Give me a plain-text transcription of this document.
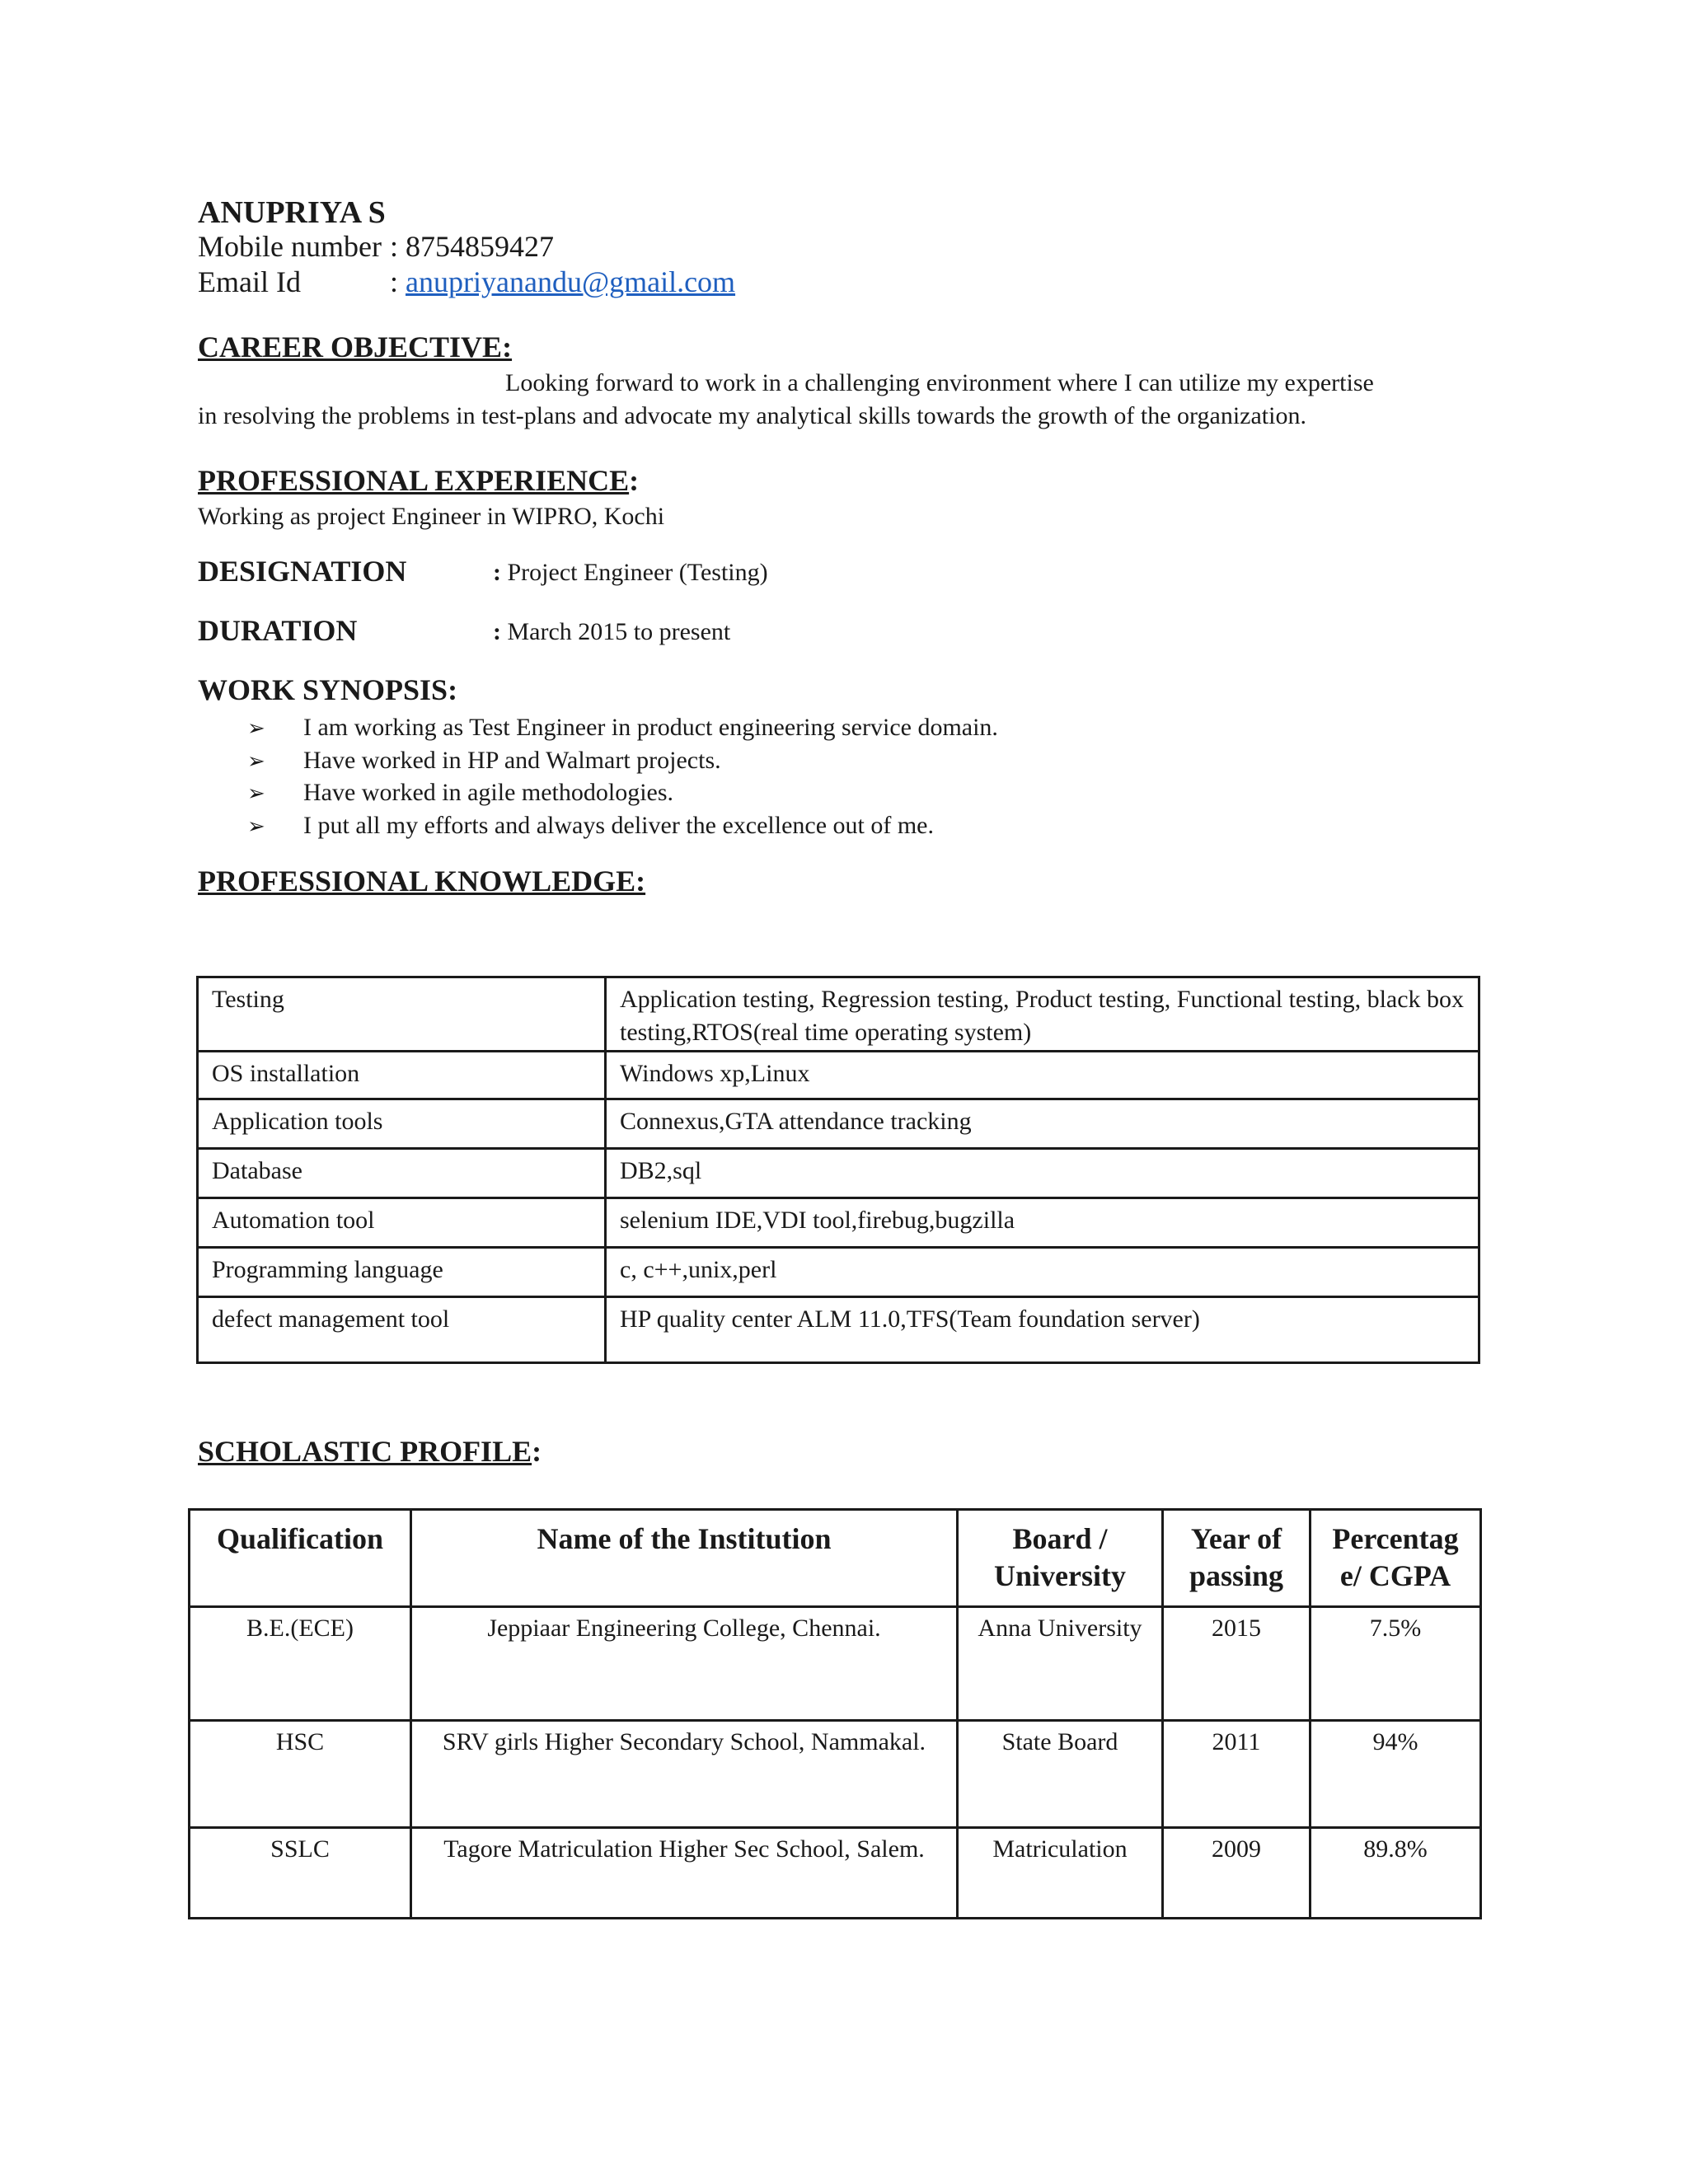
ANUPRIYA S
Mobile number : 8754859427
Email Id	: anupriyanandu@gmail.com
CAREER OBJECTIVE:
Looking forward to work in a challenging environment where I can utilize my expertise
in resolving the problems in test-plans and advocate my analytical skills towards the growth of the organization.
PROFESSIONAL EXPERIENCE:
Working as project Engineer in WIPRO, Kochi
DESIGNATION	: Project Engineer (Testing)
DURATION	: March 2015 to present
WORK SYNOPSIS:
➢ I am working as Test Engineer in product engineering service domain.
➢ Have worked in HP and Walmart projects.
➢ Have worked in agile methodologies.
➢ I put all my efforts and always deliver the excellence out of me.
PROFESSIONAL KNOWLEDGE:
Testing	Application testing, Regression testing, Product testing, Functional testing, black box testing,RTOS(real time operating system)
OS installation	Windows xp,Linux
Application tools	Connexus,GTA attendance tracking
Database	DB2,sql
Automation tool	selenium IDE,VDI tool,firebug,bugzilla
Programming language	c, c++,unix,perl
defect management tool	HP quality center ALM 11.0,TFS(Team foundation server)
SCHOLASTIC PROFILE:
Qualification	Name of the Institution	Board / University	Year of passing	Percentag e/ CGPA
B.E.(ECE)	Jeppiaar Engineering College, Chennai.	Anna University	2015	7.5%
HSC	SRV girls Higher Secondary School, Nammakal.	State Board	2011	94%
SSLC	Tagore Matriculation Higher Sec School, Salem.	Matriculation	2009	89.8%
